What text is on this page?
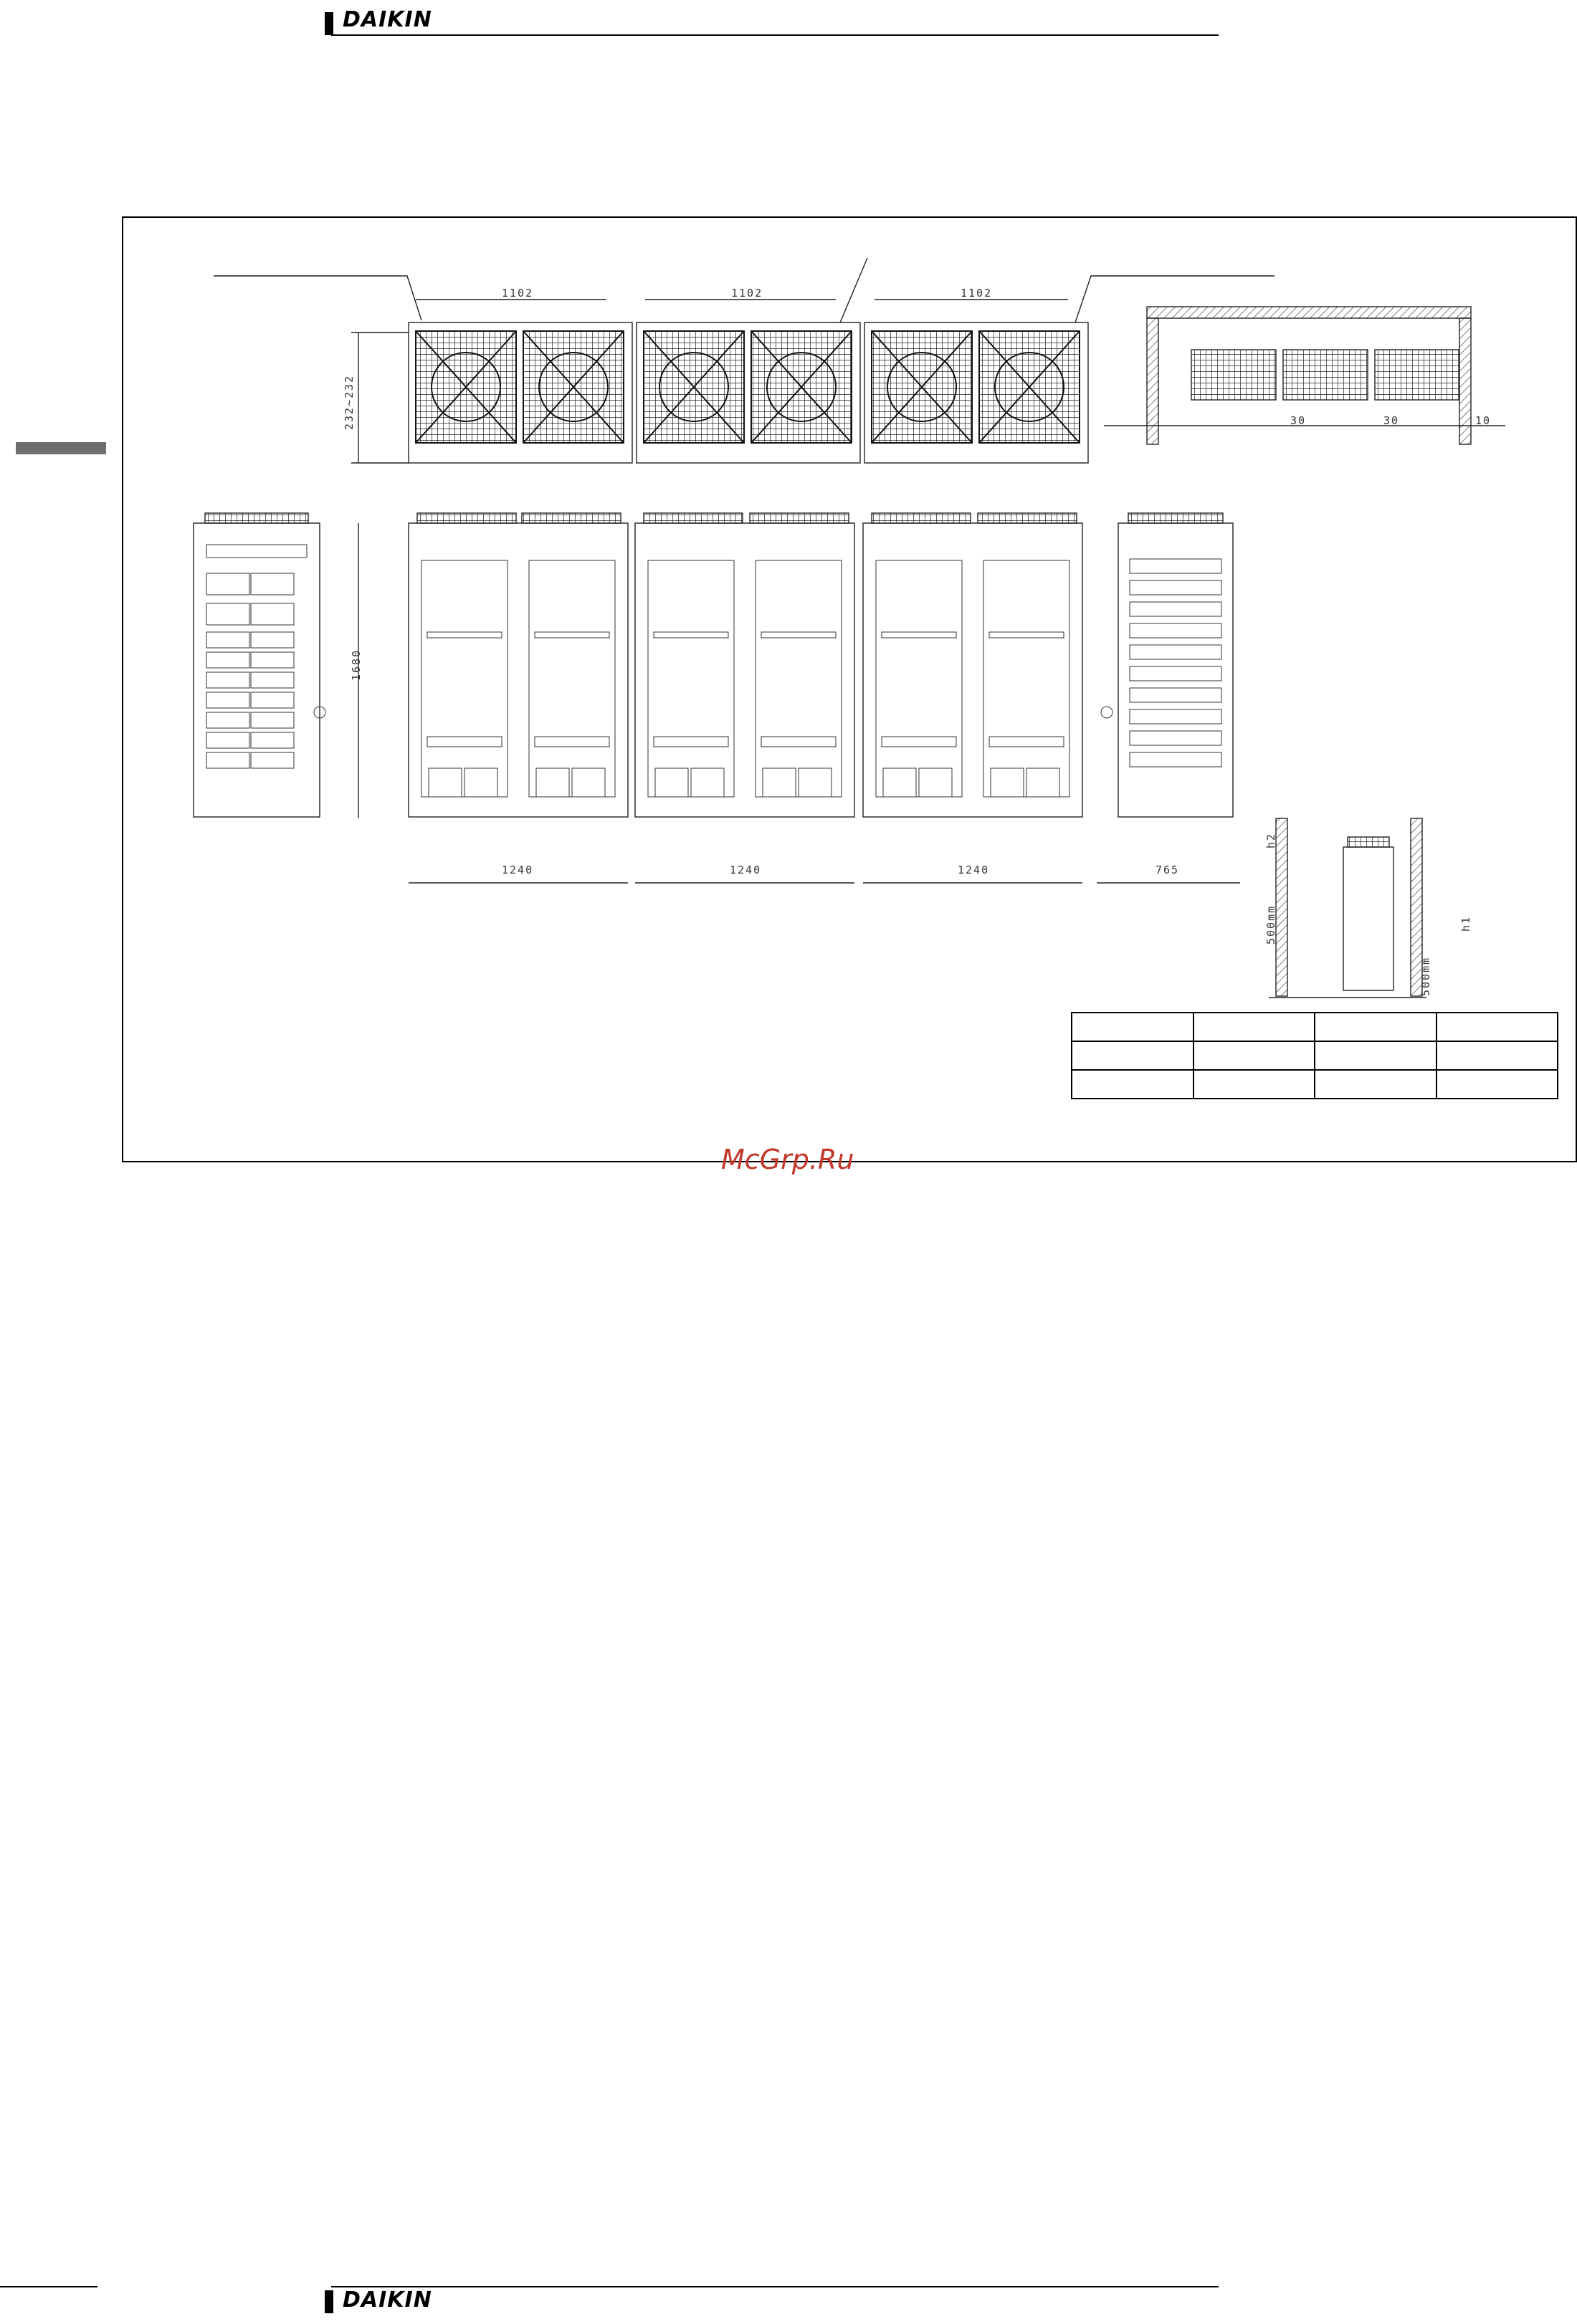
DAIKIN
1102	1102	1102
232~232
1680
1240	1240	1240	765
30	30	10
h2
500mm
500mm
h1

McGrp.Ru
DAIKIN
